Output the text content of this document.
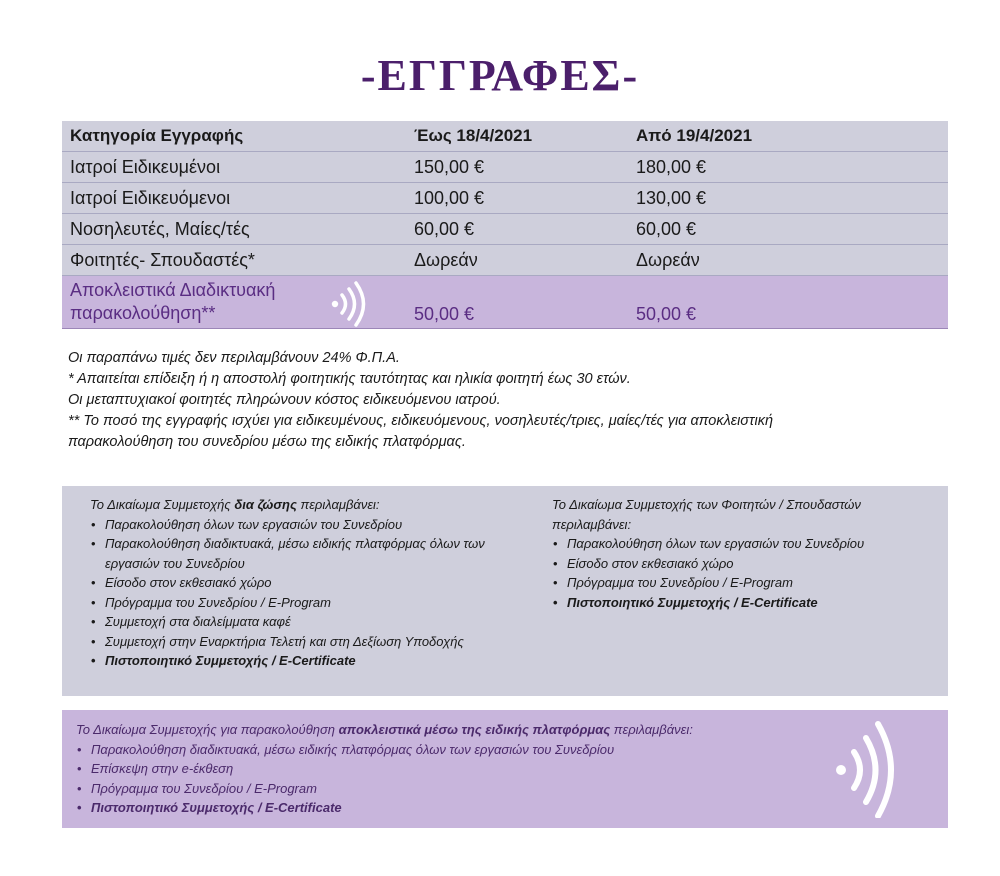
-ΕΓΓΡΑΦΕΣ-
Κατηγορία Εγγραφής	Έως 18/4/2021	Από 19/4/2021
Ιατροί Ειδικευμένοι	150,00 €	180,00 €
Ιατροί Ειδικευόμενοι	100,00 €	130,00 €
Νοσηλευτές, Μαίες/τές	60,00 €	60,00 €
Φοιτητές- Σπουδαστές*	Δωρεάν	Δωρεάν
Αποκλειστικά Διαδικτυακή παρακολούθηση**	50,00 €	50,00 €
Οι παραπάνω τιμές δεν περιλαμβάνουν 24% Φ.Π.Α.
* Απαιτείται επίδειξη ή η αποστολή φοιτητικής ταυτότητας και ηλικία φοιτητή έως 30 ετών.
Οι μεταπτυχιακοί φοιτητές πληρώνουν κόστος ειδικευόμενου ιατρού.
** Το ποσό της εγγραφής ισχύει για ειδικευμένους, ειδικευόμενους, νοσηλευτές/τριες, μαίες/τές για αποκλειστική
παρακολούθηση του συνεδρίου μέσω της ειδικής πλατφόρμας.
Το Δικαίωμα Συμμετοχής δια ζώσης περιλαμβάνει:
• Παρακολούθηση όλων των εργασιών του Συνεδρίου
• Παρακολούθηση διαδικτυακά, μέσω ειδικής πλατφόρμας όλων των εργασιών του Συνεδρίου
• Είσοδο στον εκθεσιακό χώρο
• Πρόγραμμα του Συνεδρίου / E-Program
• Συμμετοχή στα διαλείμματα καφέ
• Συμμετοχή στην Εναρκτήρια Τελετή και στη Δεξίωση Υποδοχής
• Πιστοποιητικό Συμμετοχής / E-Certificate
Το Δικαίωμα Συμμετοχής των Φοιτητών / Σπουδαστών περιλαμβάνει:
• Παρακολούθηση όλων των εργασιών του Συνεδρίου
• Είσοδο στον εκθεσιακό χώρο
• Πρόγραμμα του Συνεδρίου / E-Program
• Πιστοποιητικό Συμμετοχής / E-Certificate
Το Δικαίωμα Συμμετοχής για παρακολούθηση αποκλειστικά μέσω της ειδικής πλατφόρμας περιλαμβάνει:
• Παρακολούθηση διαδικτυακά, μέσω ειδικής πλατφόρμας όλων των εργασιών του Συνεδρίου
• Επίσκεψη στην e-έκθεση
• Πρόγραμμα του Συνεδρίου / E-Program
• Πιστοποιητικό Συμμετοχής / E-Certificate
